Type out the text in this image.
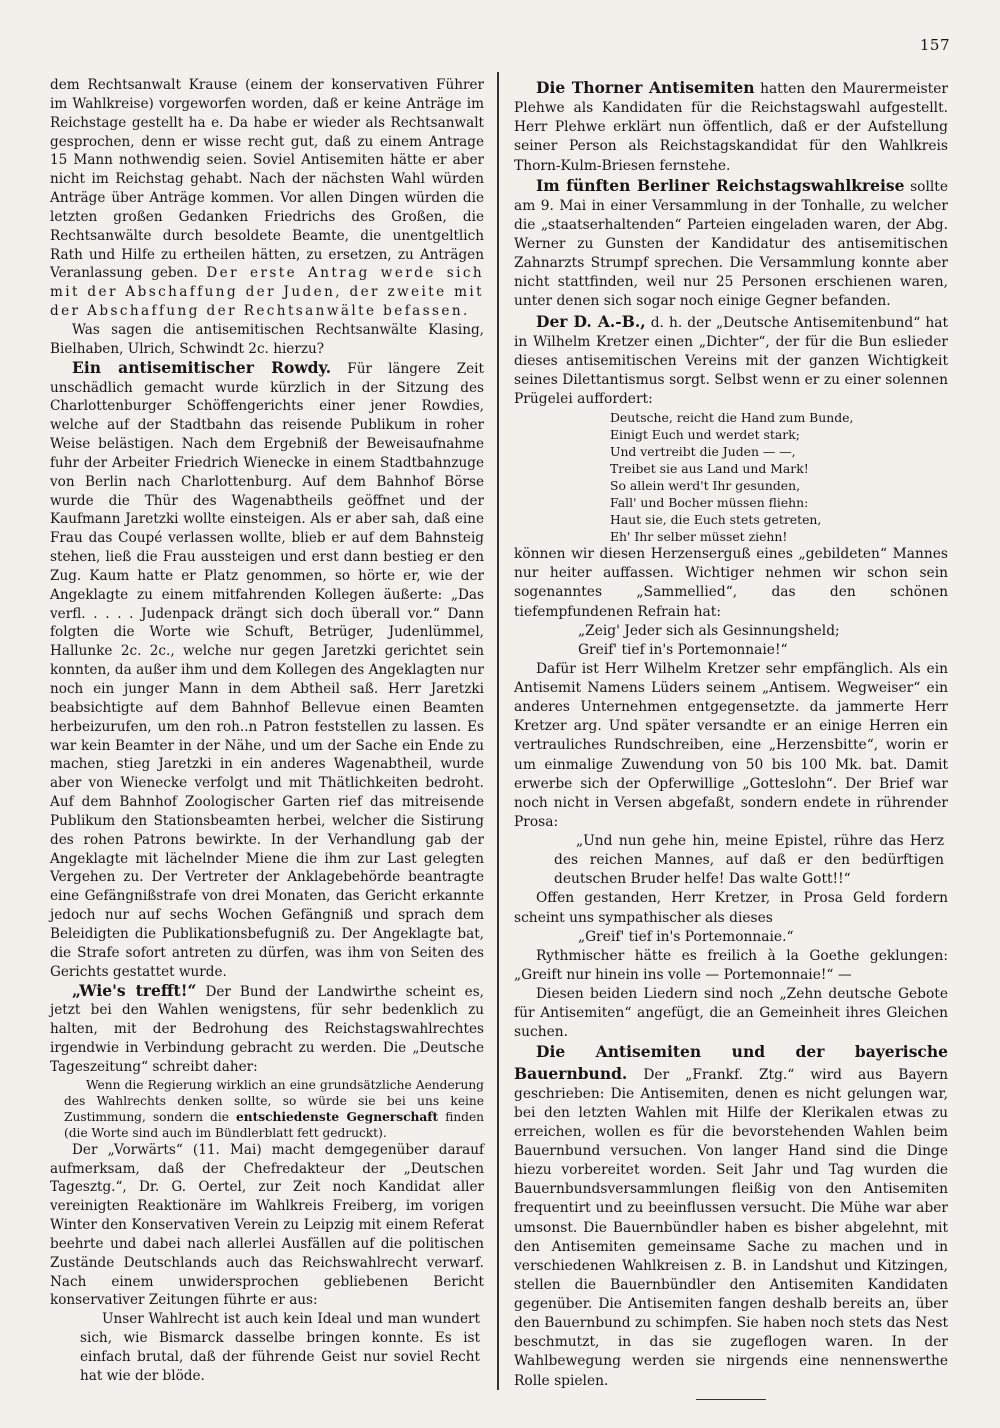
157

dem Rechtsanwalt Krause (einem der konservativen Führer im Wahlkreise) vorgeworfen worden, daß er keine Anträge im Reichstage gestellt ha e. Da habe er wieder als Rechtsanwalt gesprochen, denn er wisse recht gut, daß zu einem Antrage 15 Mann nothwendig seien. Soviel Antisemiten hätte er aber nicht im Reichstag gehabt. Nach der nächsten Wahl würden Anträge über Anträge kommen. Vor allen Dingen würden die letzten großen Gedanken Friedrichs des Großen, die Rechtsanwälte durch besoldete Beamte, die unentgeltlich Rath und Hilfe zu ertheilen hätten, zu ersetzen, zu Anträgen Veranlassung geben. Der erste Antrag werde sich mit der Abschaffung der Juden, der zweite mit der Abschaffung der Rechtsanwälte befassen.

Was sagen die antisemitischen Rechtsanwälte Klasing, Bielhaben, Ulrich, Schwindt 2c. hierzu?

Ein antisemitischer Rowdy. Für längere Zeit unschädlich gemacht wurde kürzlich in der Sitzung des Charlottenburger Schöffengerichts einer jener Rowdies, welche auf der Stadtbahn das reisende Publikum in roher Weise belästigen. Nach dem Ergebniß der Beweisaufnahme fuhr der Arbeiter Friedrich Wienecke in einem Stadtbahnzuge von Berlin nach Charlottenburg. Auf dem Bahnhof Börse wurde die Thür des Wagenabtheils geöffnet und der Kaufmann Jaretzki wollte einsteigen. Als er aber sah, daß eine Frau das Coupé verlassen wollte, blieb er auf dem Bahnsteig stehen, ließ die Frau aussteigen und erst dann bestieg er den Zug. Kaum hatte er Platz genommen, so hörte er, wie der Angeklagte zu einem mitfahrenden Kollegen äußerte: „Das verfl. . . . . Judenpack drängt sich doch überall vor.“ Dann folgten die Worte wie Schuft, Betrüger, Judenlümmel, Hallunke 2c. 2c., welche nur gegen Jaretzki gerichtet sein konnten, da außer ihm und dem Kollegen des Angeklagten nur noch ein junger Mann in dem Abtheil saß. Herr Jaretzki beabsichtigte auf dem Bahnhof Bellevue einen Beamten herbeizurufen, um den roh..n Patron feststellen zu lassen. Es war kein Beamter in der Nähe, und um der Sache ein Ende zu machen, stieg Jaretzki in ein anderes Wagenabtheil, wurde aber von Wienecke verfolgt und mit Thätlichkeiten bedroht. Auf dem Bahnhof Zoologischer Garten rief das mitreisende Publikum den Stationsbeamten herbei, welcher die Sistirung des rohen Patrons bewirkte. In der Verhandlung gab der Angeklagte mit lächelnder Miene die ihm zur Last gelegten Vergehen zu. Der Vertreter der Anklagebehörde beantragte eine Gefängnißstrafe von drei Monaten, das Gericht erkannte jedoch nur auf sechs Wochen Gefängniß und sprach dem Beleidigten die Publikationsbefugniß zu. Der Angeklagte bat, die Strafe sofort antreten zu dürfen, was ihm von Seiten des Gerichts gestattet wurde.

„Wie's trefft!“ Der Bund der Landwirthe scheint es, jetzt bei den Wahlen wenigstens, für sehr bedenklich zu halten, mit der Bedrohung des Reichstagswahlrechtes irgendwie in Verbindung gebracht zu werden. Die „Deutsche Tageszeitung“ schreibt daher:

Wenn die Regierung wirklich an eine grundsätzliche Aenderung des Wahlrechts denken sollte, so würde sie bei uns keine Zustimmung, sondern die entschiedenste Gegnerschaft finden (die Worte sind auch im Bündlerblatt fett gedruckt).

Der „Vorwärts“ (11. Mai) macht demgegenüber darauf aufmerksam, daß der Chefredakteur der „Deutschen Tagesztg.“, Dr. G. Oertel, zur Zeit noch Kandidat aller vereinigten Reaktionäre im Wahlkreis Freiberg, im vorigen Winter den Konservativen Verein zu Leipzig mit einem Referat beehrte und dabei nach allerlei Ausfällen auf die politischen Zustände Deutschlands auch das Reichswahlrecht verwarf. Nach einem unwidersprochen gebliebenen Bericht konservativer Zeitungen führte er aus:

Unser Wahlrecht ist auch kein Ideal und man wundert sich, wie Bismarck dasselbe bringen konnte. Es ist einfach brutal, daß der führende Geist nur soviel Recht hat wie der blöde.

Die Thorner Antisemiten hatten den Maurermeister Plehwe als Kandidaten für die Reichstagswahl aufgestellt. Herr Plehwe erklärt nun öffentlich, daß er der Aufstellung seiner Person als Reichstagskandidat für den Wahlkreis Thorn-Kulm-Briesen fernstehe.

Im fünften Berliner Reichstagswahlkreise sollte am 9. Mai in einer Versammlung in der Tonhalle, zu welcher die „staatserhaltenden“ Parteien eingeladen waren, der Abg. Werner zu Gunsten der Kandidatur des antisemitischen Zahnarzts Strumpf sprechen. Die Versammlung konnte aber nicht stattfinden, weil nur 25 Personen erschienen waren, unter denen sich sogar noch einige Gegner befanden.

Der D. A.-B., d. h. der „Deutsche Antisemitenbund“ hat in Wilhelm Kretzer einen „Dichter“, der für die Bun eslieder dieses antisemitischen Vereins mit der ganzen Wichtigkeit seines Dilettantismus sorgt. Selbst wenn er zu einer solennen Prügelei auffordert:

Deutsche, reicht die Hand zum Bunde,
Einigt Euch und werdet stark;
Und vertreibt die Juden — —,
Treibet sie aus Land und Mark!
So allein werd't Ihr gesunden,
Fall' und Bocher müssen fliehn:
Haut sie, die Euch stets getreten,
Eh' Ihr selber müsset ziehn!

können wir diesen Herzenserguß eines „gebildeten“ Mannes nur heiter auffassen. Wichtiger nehmen wir schon sein sogenanntes „Sammellied“, das den schönen tiefempfundenen Refrain hat:

„Zeig' Jeder sich als Gesinnungsheld;
Greif' tief in's Portemonnaie!“

Dafür ist Herr Wilhelm Kretzer sehr empfänglich. Als ein Antisemit Namens Lüders seinem „Antisem. Wegweiser“ ein anderes Unternehmen entgegensetzte. da jammerte Herr Kretzer arg. Und später versandte er an einige Herren ein vertrauliches Rundschreiben, eine „Herzensbitte“, worin er um einmalige Zuwendung von 50 bis 100 Mk. bat. Damit erwerbe sich der Opferwillige „Gotteslohn“. Der Brief war noch nicht in Versen abgefaßt, sondern endete in rührender Prosa:

„Und nun gehe hin, meine Epistel, rühre das Herz des reichen Mannes, auf daß er den bedürftigen deutschen Bruder helfe! Das walte Gott!!“

Offen gestanden, Herr Kretzer, in Prosa Geld fordern scheint uns sympathischer als dieses

„Greif' tief in's Portemonnaie.“

Rythmischer hätte es freilich à la Goethe geklungen: „Greift nur hinein ins volle — Portemonnaie!“ —

Diesen beiden Liedern sind noch „Zehn deutsche Gebote für Antisemiten“ angefügt, die an Gemeinheit ihres Gleichen suchen.

Die Antisemiten und der bayerische Bauernbund. Der „Frankf. Ztg.“ wird aus Bayern geschrieben: Die Antisemiten, denen es nicht gelungen war, bei den letzten Wahlen mit Hilfe der Klerikalen etwas zu erreichen, wollen es für die bevorstehenden Wahlen beim Bauernbund versuchen. Von langer Hand sind die Dinge hiezu vorbereitet worden. Seit Jahr und Tag wurden die Bauernbundsversammlungen fleißig von den Antisemiten frequentirt und zu beeinflussen versucht. Die Mühe war aber umsonst. Die Bauernbündler haben es bisher abgelehnt, mit den Antisemiten gemeinsame Sache zu machen und in verschiedenen Wahlkreisen z. B. in Landshut und Kitzingen, stellen die Bauernbündler den Antisemiten Kandidaten gegenüber. Die Antisemiten fangen deshalb bereits an, über den Bauernbund zu schimpfen. Sie haben noch stets das Nest beschmutzt, in das sie zugeflogen waren. In der Wahlbewegung werden sie nirgends eine nennenswerthe Rolle spielen.
